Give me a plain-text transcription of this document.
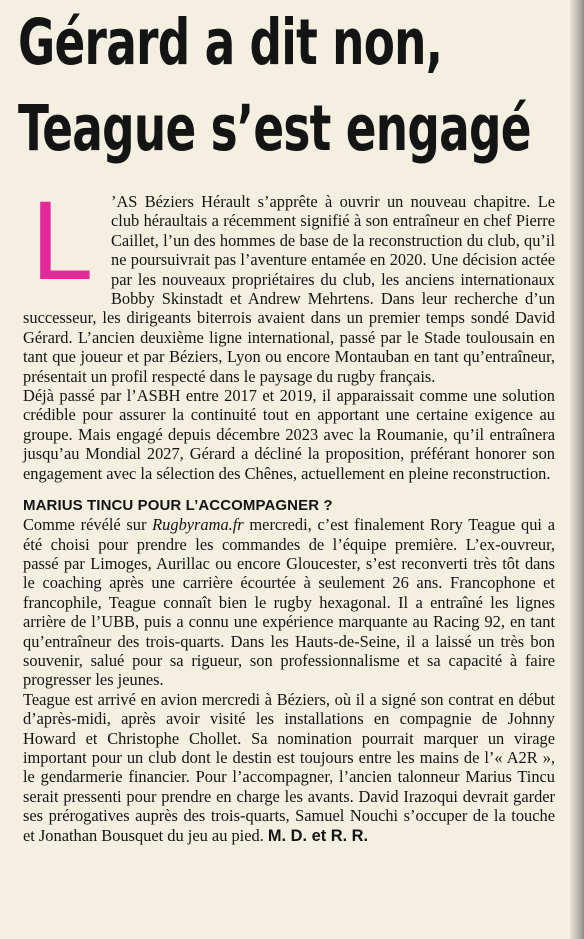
Gérard a dit non,
Teague s’est engagé

L	’AS Béziers Hérault s’apprête à ouvrir un nouveau chapitre. Le club héraultais a récemment signifié à son entraîneur en chef Pierre Caillet, l’un des hommes de base de la reconstruction du club, qu’il ne poursuivrait pas l’aventure entamée en 2020. Une décision actée par les nouveaux propriétaires du club, les anciens internationaux Bobby Skinstadt et Andrew Mehrtens. Dans leur recherche d’un successeur, les dirigeants biterrois avaient dans un premier temps sondé David Gérard. L’ancien deuxième ligne international, passé par le Stade toulousain en tant que joueur et par Béziers, Lyon ou encore Montauban en tant qu’entraîneur, présentait un profil respecté dans le paysage du rugby français.

Déjà passé par l’ASBH entre 2017 et 2019, il apparaissait comme une solution crédible pour assurer la continuité tout en apportant une certaine exigence au groupe. Mais engagé depuis décembre 2023 avec la Roumanie, qu’il entraînera jusqu’au Mondial 2027, Gérard a décliné la proposition, préférant honorer son engagement avec la sélection des Chênes, actuellement en pleine reconstruction.

MARIUS TINCU POUR L’ACCOMPAGNER ?

Comme révélé sur Rugbyrama.fr mercredi, c’est finalement Rory Teague qui a été choisi pour prendre les commandes de l’équipe première. L’ex-ouvreur, passé par Limoges, Aurillac ou encore Gloucester, s’est reconverti très tôt dans le coaching après une carrière écourtée à seulement 26 ans. Francophone et francophile, Teague connaît bien le rugby hexagonal. Il a entraîné les lignes arrière de l’UBB, puis a connu une expérience marquante au Racing 92, en tant qu’entraîneur des trois-quarts. Dans les Hauts-de-Seine, il a laissé un très bon souvenir, salué pour sa rigueur, son professionnalisme et sa capacité à faire progresser les jeunes.

Teague est arrivé en avion mercredi à Béziers, où il a signé son contrat en début d’après-midi, après avoir visité les installations en compagnie de Johnny Howard et Christophe Chollet. Sa nomination pourrait marquer un virage important pour un club dont le destin est toujours entre les mains de l’« A2R », le gendarmerie financier. Pour l’accompagner, l’ancien talonneur Marius Tincu serait pressenti pour prendre en charge les avants. David Irazoqui devrait garder ses prérogatives auprès des trois-quarts, Samuel Nouchi s’occuper de la touche et Jonathan Bousquet du jeu au pied. M. D. et R. R.
